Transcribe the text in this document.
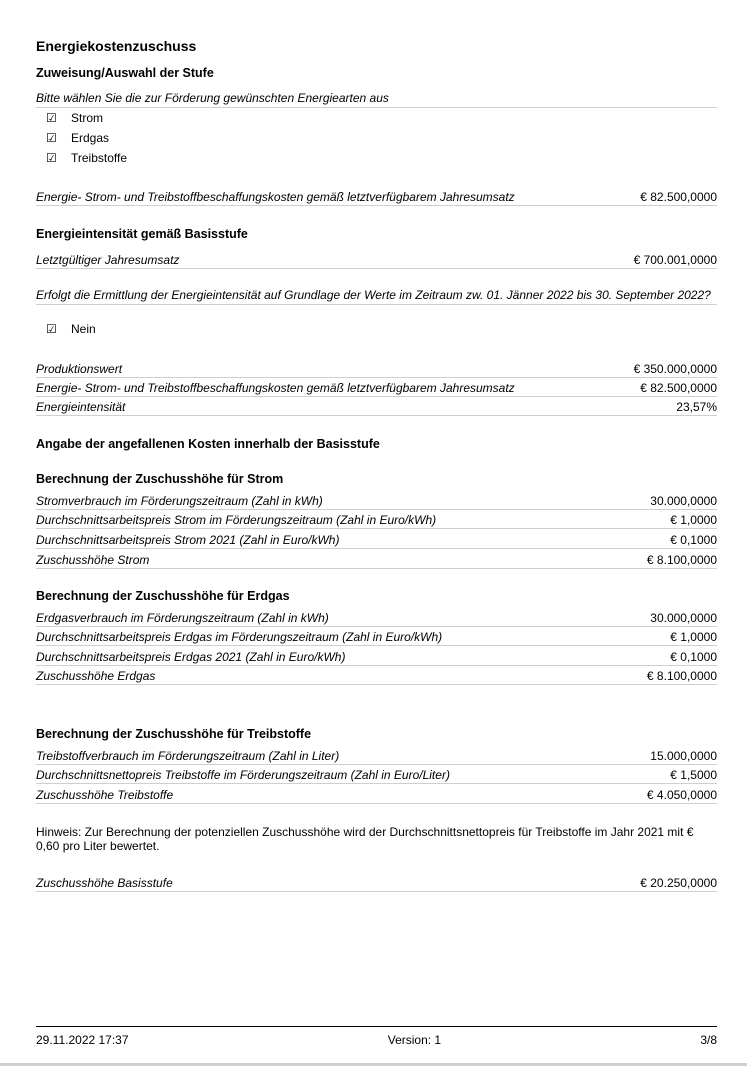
Energiekostenzuschuss
Zuweisung/Auswahl der Stufe
Bitte wählen Sie die zur Förderung gewünschten Energiearten aus
☑ Strom
☑ Erdgas
☑ Treibstoffe
Energie- Strom- und Treibstoffbeschaffungskosten gemäß letztverfügbarem Jahresumsatz	€ 82.500,0000
Energieintensität gemäß Basisstufe
Letztgültiger Jahresumsatz	€ 700.001,0000
Erfolgt die Ermittlung der Energieintensität auf Grundlage der Werte im Zeitraum zw. 01. Jänner 2022 bis 30. September 2022?
☑ Nein
Produktionswert	€ 350.000,0000
Energie- Strom- und Treibstoffbeschaffungskosten gemäß letztverfügbarem Jahresumsatz	€ 82.500,0000
Energieintensität	23,57%
Angabe der angefallenen Kosten innerhalb der Basisstufe
Berechnung der Zuschusshöhe für Strom
Stromverbrauch im Förderungszeitraum (Zahl in kWh)	30.000,0000
Durchschnittsarbeitspreis Strom im Förderungszeitraum (Zahl in Euro/kWh)	€ 1,0000
Durchschnittsarbeitspreis Strom 2021 (Zahl in Euro/kWh)	€ 0,1000
Zuschusshöhe Strom	€ 8.100,0000
Berechnung der Zuschusshöhe für Erdgas
Erdgasverbrauch im Förderungszeitraum (Zahl in kWh)	30.000,0000
Durchschnittsarbeitspreis Erdgas im Förderungszeitraum (Zahl in Euro/kWh)	€ 1,0000
Durchschnittsarbeitspreis Erdgas 2021 (Zahl in Euro/kWh)	€ 0,1000
Zuschusshöhe Erdgas	€ 8.100,0000
Berechnung der Zuschusshöhe für Treibstoffe
Treibstoffverbrauch im Förderungszeitraum (Zahl in Liter)	15.000,0000
Durchschnittsnettopreis Treibstoffe im Förderungszeitraum (Zahl in Euro/Liter)	€ 1,5000
Zuschusshöhe Treibstoffe	€ 4.050,0000
Hinweis: Zur Berechnung der potenziellen Zuschusshöhe wird der Durchschnittsnettopreis für Treibstoffe im Jahr 2021 mit € 0,60 pro Liter bewertet.
Zuschusshöhe Basisstufe	€ 20.250,0000
29.11.2022 17:37	Version: 1	3/8
